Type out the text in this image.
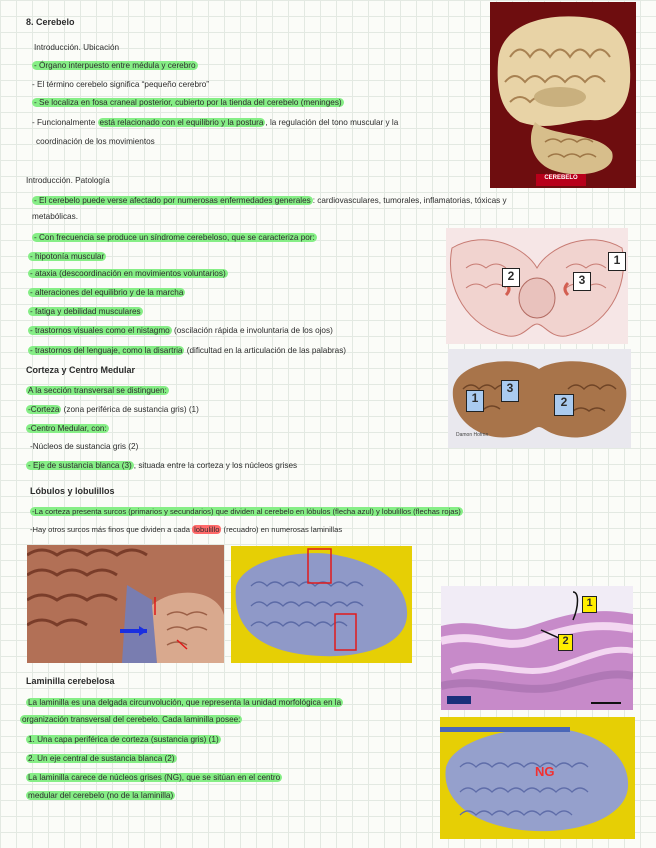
8. Cerebelo
Introducción. Ubicación
- Órgano interpuesto entre médula y cerebro
- El término cerebelo significa “pequeño cerebro”
- Se localiza en fosa craneal posterior, cubierto por la tienda del cerebelo (meninges)
- Funcionalmente está relacionado con el equilibrio y la postura , la regulación del tono muscular y la
coordinación de los movimientos
CEREBELO
Introducción. Patología
- El cerebelo puede verse afectado por numerosas enfermedades generales : cardiovasculares, tumorales, inflamatorias, tóxicas y
metabólicas.
- Con frecuencia se produce un síndrome cerebeloso, que se caracteriza por:
- hipotonía muscular
- ataxia (descoordinación en movimientos voluntarios)
- alteraciones del equilibrio y de la marcha
- fatiga y debilidad musculares
- trastornos visuales como el nistagmo (oscilación rápida e involuntaria de los ojos)
- trastornos del lenguaje, como la disartria (dificultad en la articulación de las palabras)
2	3
1
1
3
2
Damon Hofmn
Corteza y Centro Medular
A la sección transversal se distinguen:
-Corteza (zona periférica de sustancia gris) (1)
-Centro Medular, con:
-Núcleos de sustancia gris (2)
- Eje de sustancia blanca (3) , situada entre la corteza y los núcleos grises
Lóbulos y lobulillos
-La corteza presenta surcos (primarios y secundarios) que dividen al cerebelo en lóbulos (flecha azul) y lobulillos (flechas rojas)
-Hay otros surcos más finos que dividen a cada lobulillo (recuadro) en numerosas laminillas
1
2
NG
Laminilla cerebelosa
La laminilla es una delgada circunvolución, que representa la unidad morfológica en la
organización transversal del cerebelo. Cada laminilla posee:
1. Una capa periférica de corteza (sustancia gris) (1)
2. Un eje central de sustancia blanca (2)
La laminilla carece de núcleos grises (NG), que se sitúan en el centro
medular del cerebelo (no de la laminilla)
